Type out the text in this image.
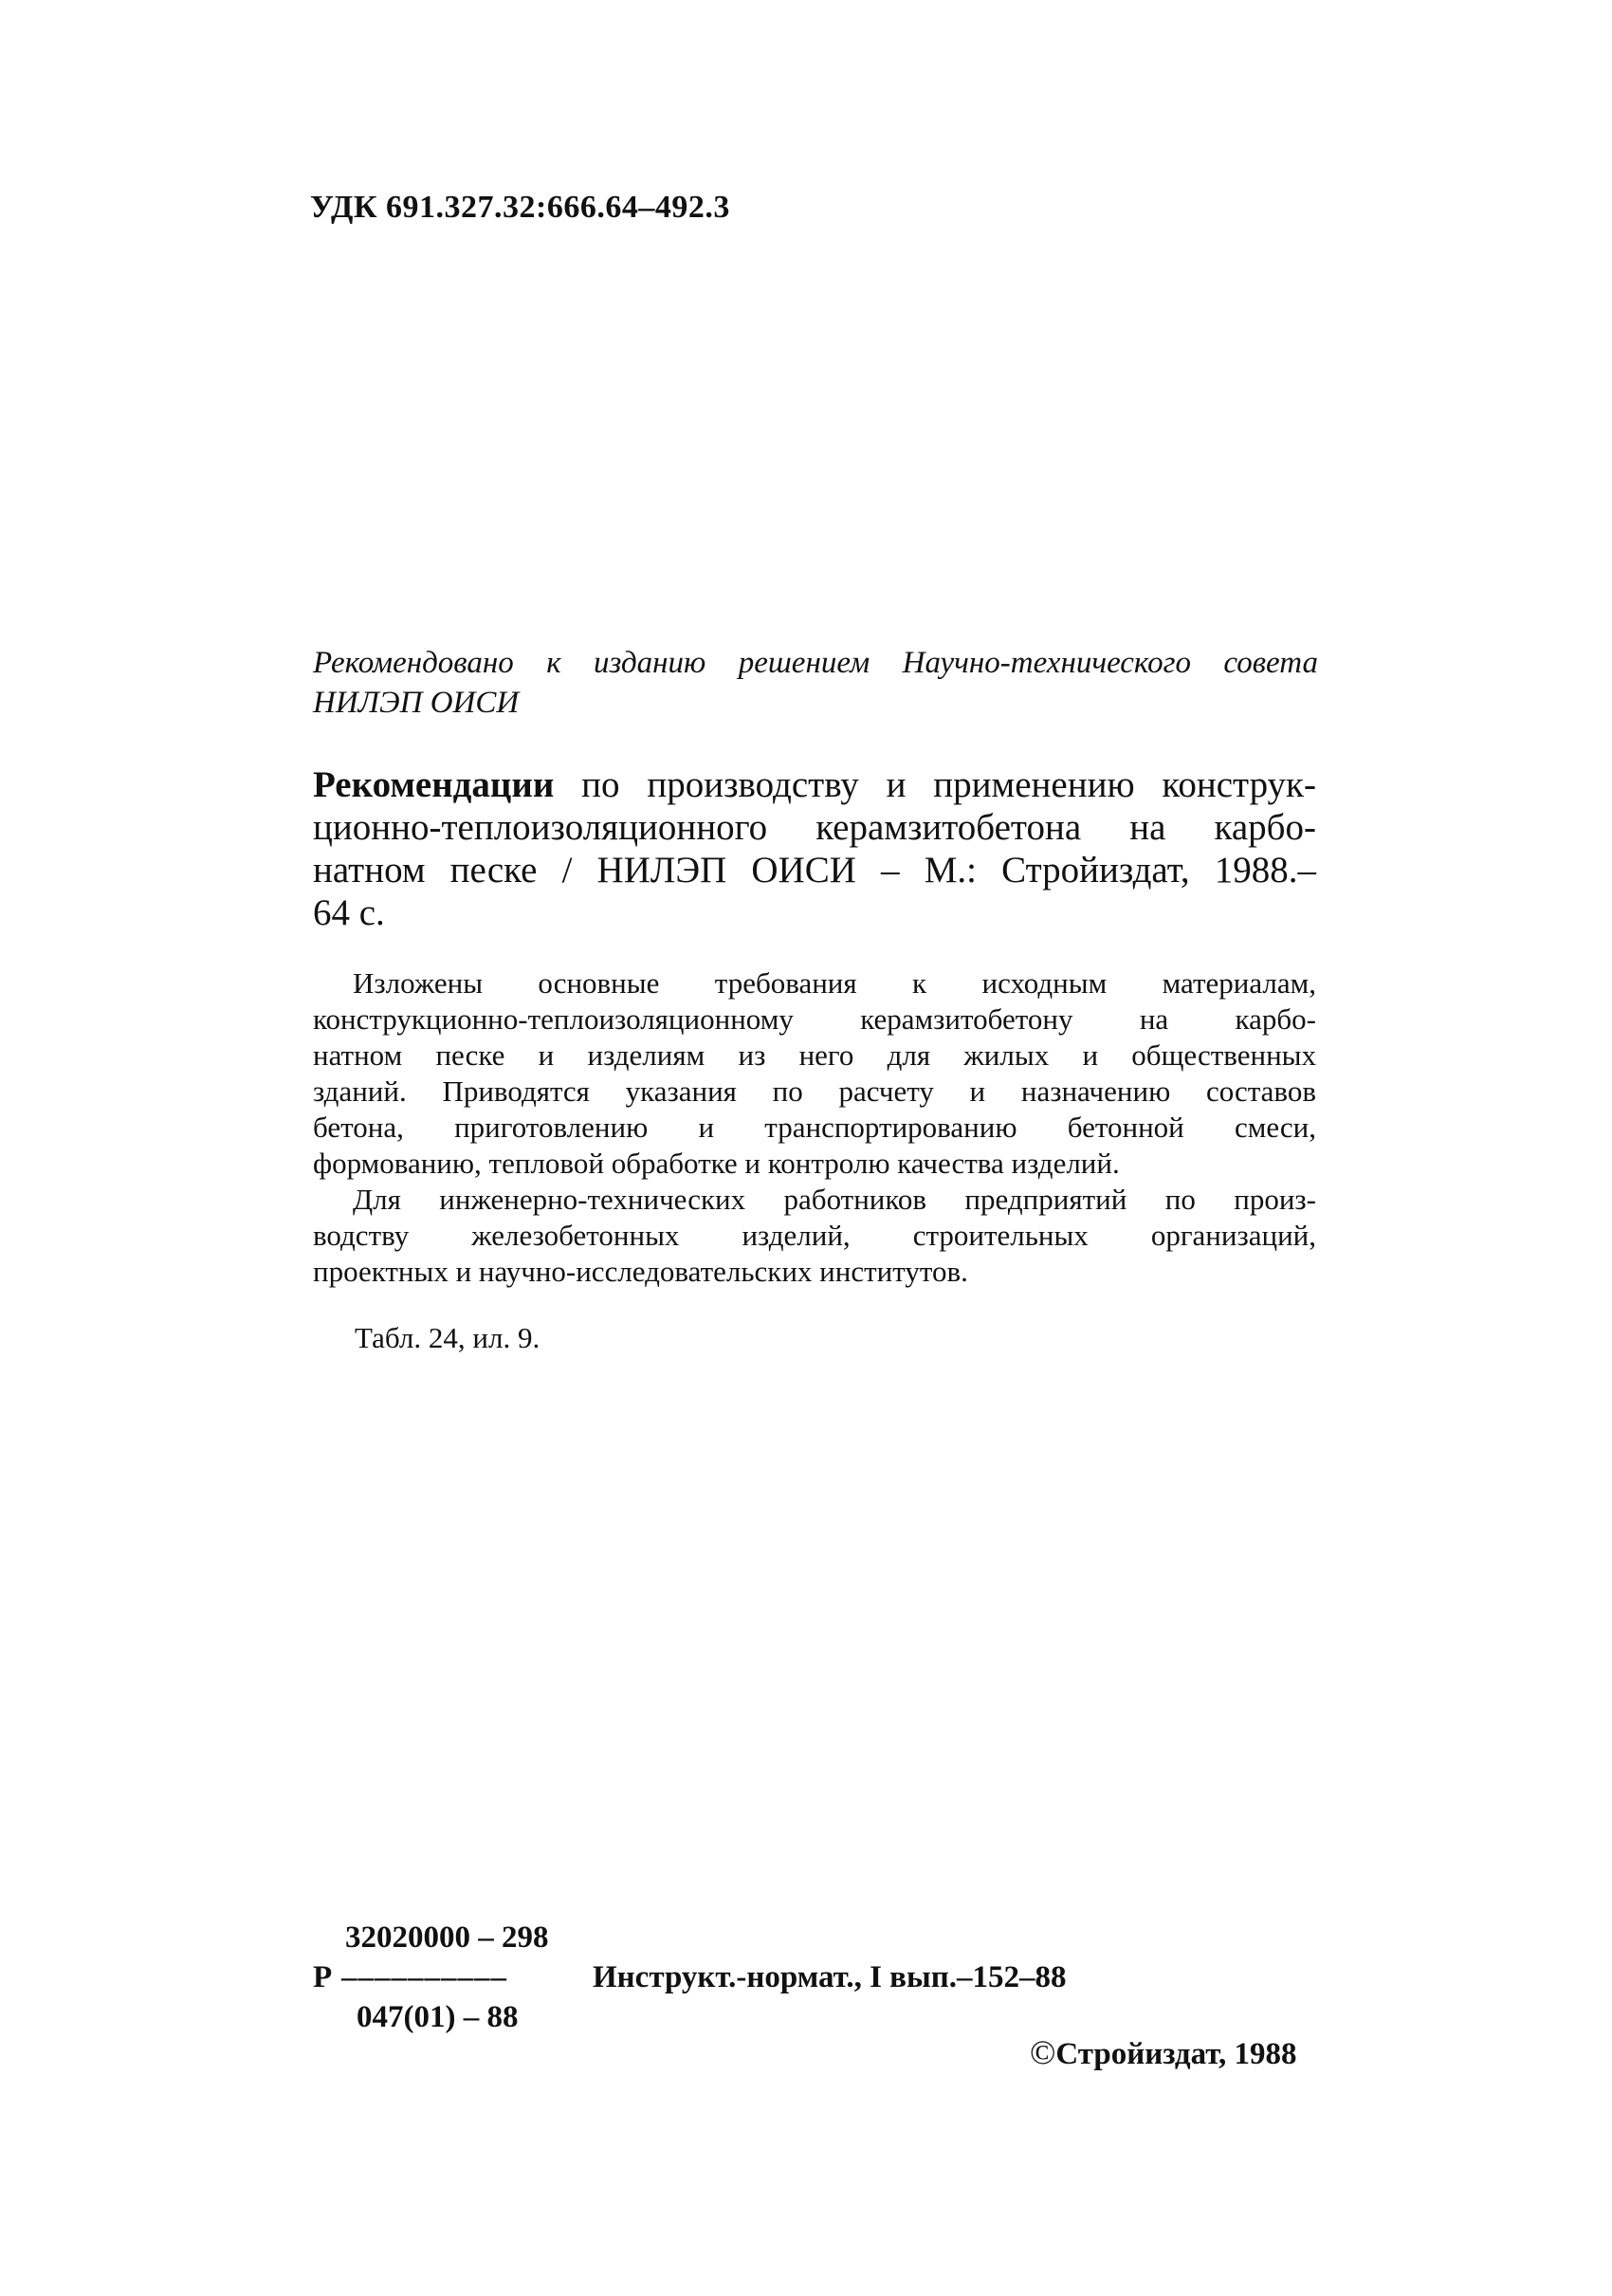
УДК 691.327.32:666.64–492.3
Рекомендовано к изданию решением Научно-технического совета
НИЛЭП ОИСИ
Рекомендации по производству и применению конструк-
ционно-теплоизоляционного керамзитобетона на карбо-
натном песке / НИЛЭП ОИСИ – М.: Стройиздат, 1988.–
64 с.
Изложены основные требования к исходным материалам,
конструкционно-теплоизоляционному керамзитобетону на карбо-
натном песке и изделиям из него для жилых и общественных
зданий. Приводятся указания по расчету и назначению составов
бетона, приготовлению и транспортированию бетонной смеси,
формованию, тепловой обработке и контролю качества изделий.
Для инженерно-технических работников предприятий по произ-
водству железобетонных изделий, строительных организаций,
проектных и научно-исследовательских институтов.
Табл. 24, ил. 9.
32020000 – 298
Р ––––––––––	Инструкт.-нормат., I вып.–152–88
047(01) – 88
©Стройиздат, 1988
